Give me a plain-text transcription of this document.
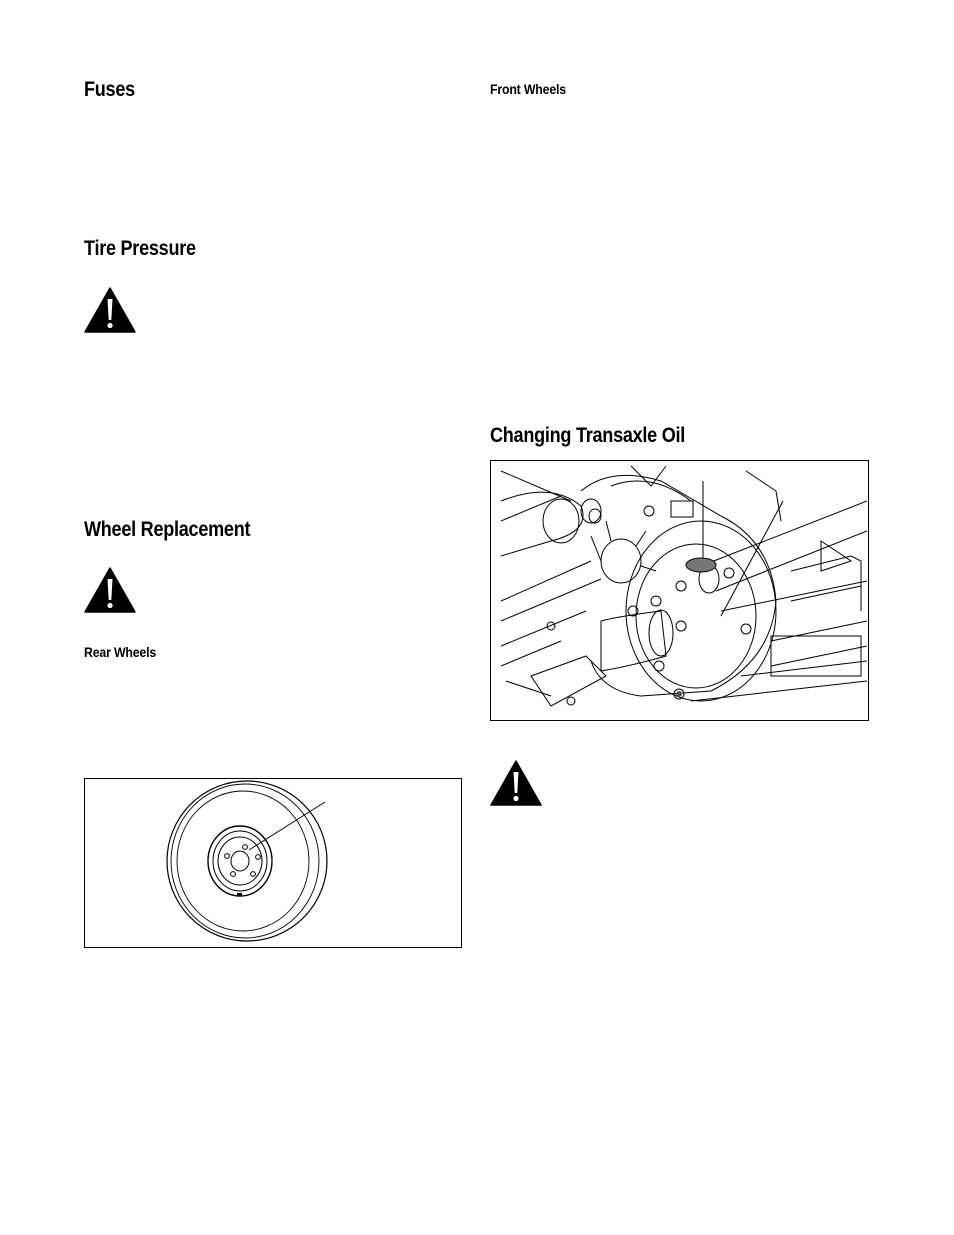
Fuses
Tire Pressure
Wheel Replacement
Rear Wheels
Front Wheels
Changing Transaxle Oil
